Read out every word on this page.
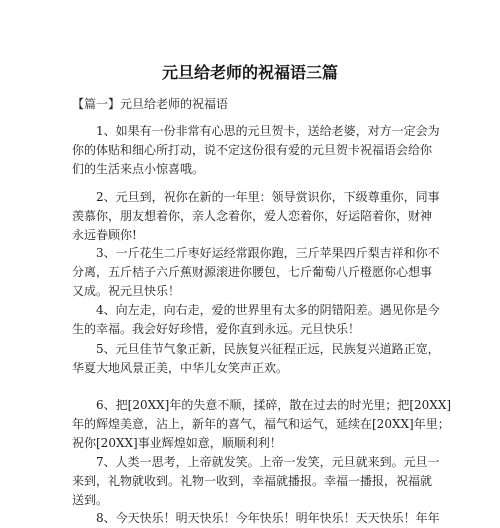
元旦给老师的祝福语三篇

【篇一】元旦给老师的祝福语

1、如果有一份非常有心思的元旦贺卡，送给老婆，对方一定会为
你的体贴和细心所打动，说不定这份很有爱的元旦贺卡祝福语会给你
们的生活来点小惊喜哦。

2、元旦到，祝你在新的一年里：领导赏识你，下级尊重你，同事
羡慕你，朋友想着你，亲人念着你，爱人恋着你，好运陪着你，财神
永远眷顾你!

3、一斤花生二斤枣好运经常跟你跑，三斤苹果四斤梨吉祥和你不
分离，五斤桔子六斤蕉财源滚进你腰包，七斤葡萄八斤橙愿你心想事
又成。祝元旦快乐！

4、向左走，向右走，爱的世界里有太多的阴错阳差。遇见你是今
生的幸福。我会好好珍惜，爱你直到永远。元旦快乐！

5、元旦佳节气象正新，民族复兴征程正远，民族复兴道路正宽，
华夏大地风景正美，中华儿女笑声正欢。

6、把[20XX]年的失意不顺，揉碎，散在过去的时光里；把[20XX]
年的辉煌美意，沾上，新年的喜气，福气和运气，延续在[20XX]年里；
祝你[20XX]事业辉煌如意，顺顺利利！

7、人类一思考，上帝就发笑。上帝一发笑，元旦就来到。元旦一
来到，礼物就收到。礼物一收到，幸福就播报。幸福一播报，祝福就
送到。

8、今天快乐！明天快乐！今年快乐！明年快乐！天天快乐！年年
